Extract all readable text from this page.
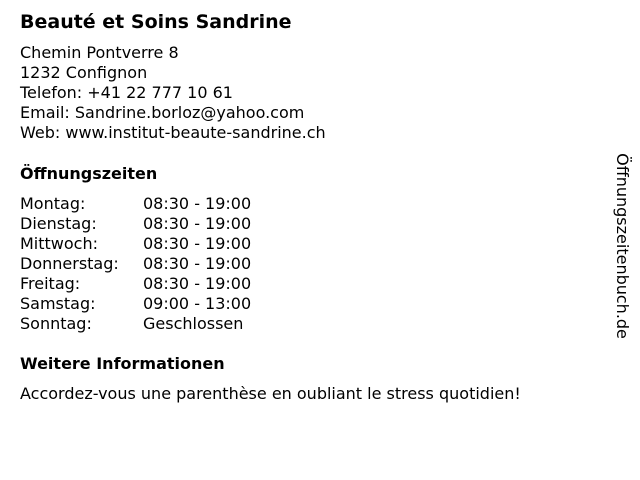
Beauté et Soins Sandrine
Chemin Pontverre 8
1232 Confignon
Telefon: +41 22 777 10 61
Email: Sandrine.borloz@yahoo.com
Web: www.institut-beaute-sandrine.ch
Öffnungszeiten
Montag:	08:30 - 19:00
Dienstag:	08:30 - 19:00
Mittwoch:	08:30 - 19:00
Donnerstag: 08:30 - 19:00
Freitag:	08:30 - 19:00
Samstag:	09:00 - 13:00
Sonntag:	Geschlossen
Weitere Informationen
Accordez-vous une parenthèse en oubliant le stress quotidien!
Öffnungszeitenbuch.de
